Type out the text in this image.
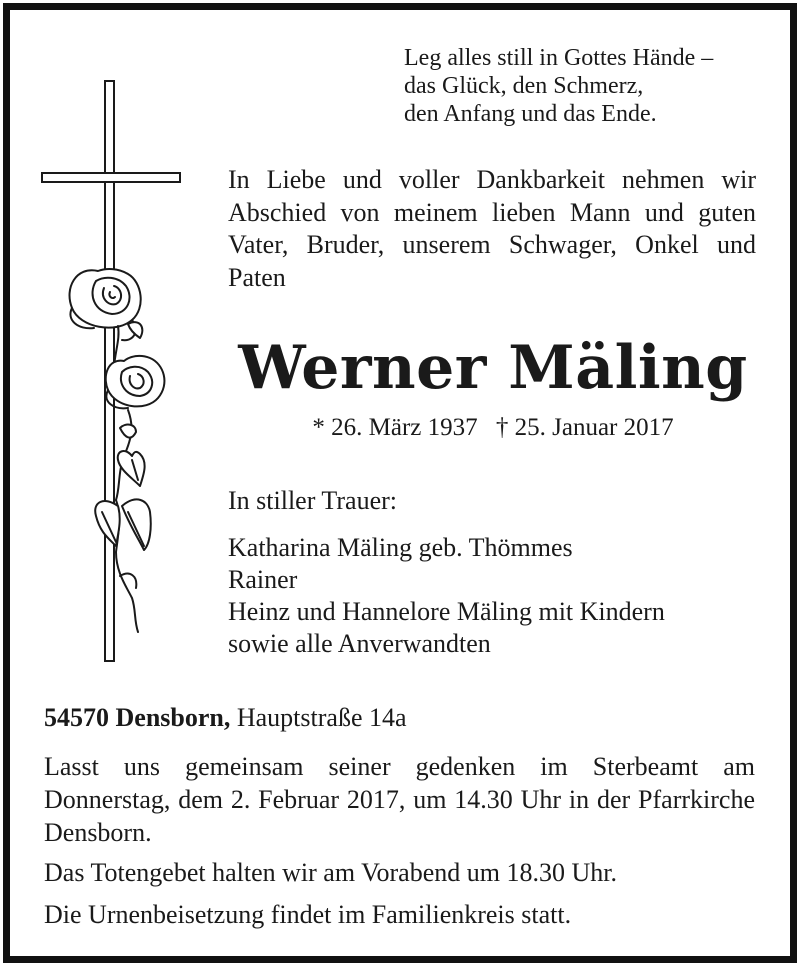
Leg alles still in Gottes Hände –
das Glück, den Schmerz,
den Anfang und das Ende.
In Liebe und voller Dankbarkeit nehmen wir Abschied von meinem lieben Mann und guten Vater, Bruder, unserem Schwager, Onkel und Paten
Werner Mäling
* 26. März 1937 † 25. Januar 2017
In stiller Trauer:
Katharina Mäling geb. Thömmes
Rainer
Heinz und Hannelore Mäling mit Kindern
sowie alle Anverwandten
54570 Densborn, Hauptstraße 14a
Lasst uns gemeinsam seiner gedenken im Sterbeamt am Donnerstag, dem 2. Februar 2017, um 14.30 Uhr in der Pfarrkirche Densborn.
Das Totengebet halten wir am Vorabend um 18.30 Uhr.
Die Urnenbeisetzung findet im Familienkreis statt.
